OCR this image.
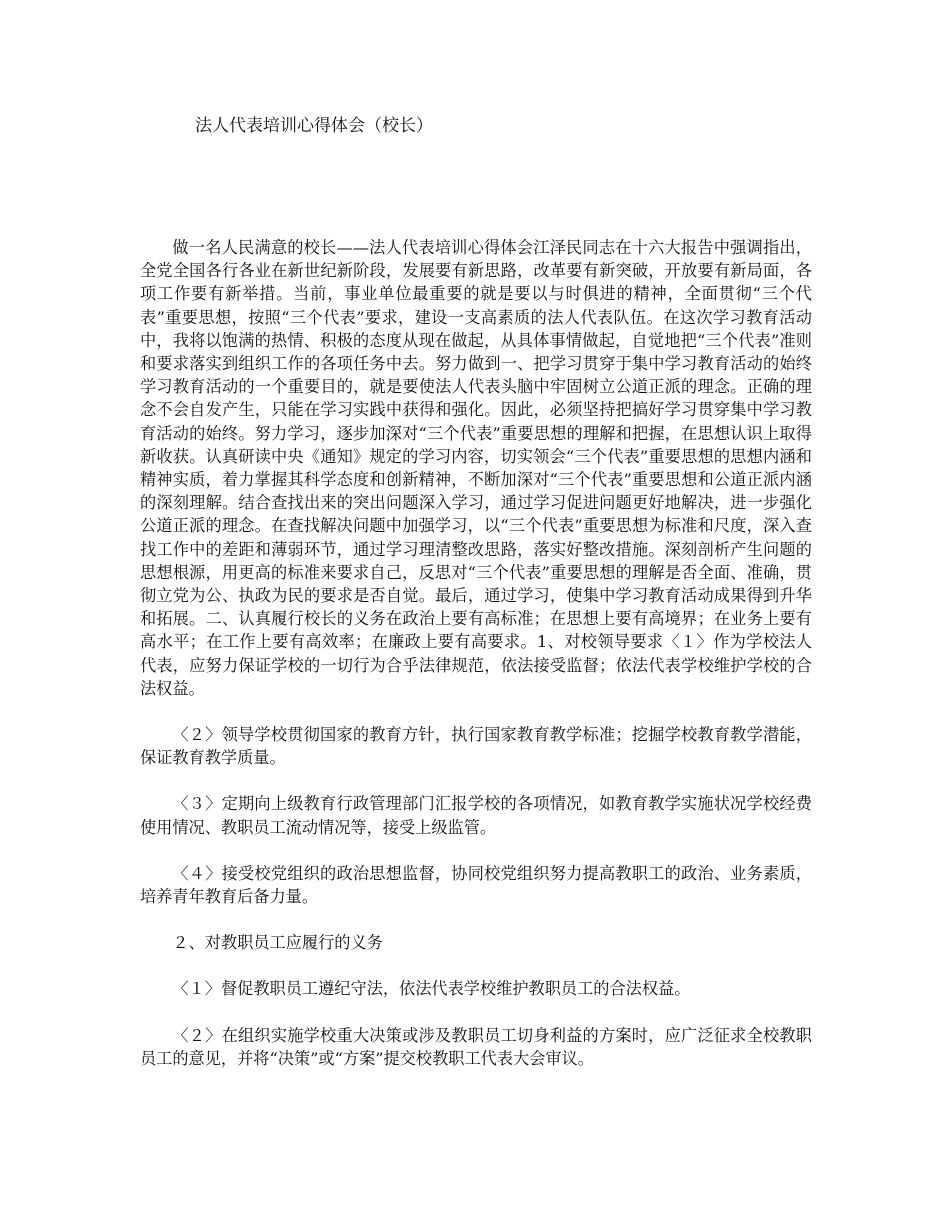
法人代表培训心得体会（校长）

做一名人民满意的校长——法人代表培训心得体会江泽民同志在十六大报告中强调指出，全党全国各行各业在新世纪新阶段，发展要有新思路，改革要有新突破，开放要有新局面，各项工作要有新举措。当前，事业单位最重要的就是要以与时俱进的精神，全面贯彻“三个代表”重要思想，按照“三个代表”要求，建设一支高素质的法人代表队伍。在这次学习教育活动中，我将以饱满的热情、积极的态度从现在做起，从具体事情做起，自觉地把“三个代表”准则和要求落实到组织工作的各项任务中去。努力做到一、把学习贯穿于集中学习教育活动的始终学习教育活动的一个重要目的，就是要使法人代表头脑中牢固树立公道正派的理念。正确的理念不会自发产生，只能在学习实践中获得和强化。因此，必须坚持把搞好学习贯穿集中学习教育活动的始终。努力学习，逐步加深对“三个代表”重要思想的理解和把握，在思想认识上取得新收获。认真研读中央《通知》规定的学习内容，切实领会“三个代表”重要思想的思想内涵和精神实质，着力掌握其科学态度和创新精神，不断加深对“三个代表”重要思想和公道正派内涵的深刻理解。结合查找出来的突出问题深入学习，通过学习促进问题更好地解决，进一步强化公道正派的理念。在查找解决问题中加强学习，以“三个代表”重要思想为标准和尺度，深入查找工作中的差距和薄弱环节，通过学习理清整改思路，落实好整改措施。深刻剖析产生问题的思想根源，用更高的标准来要求自己，反思对“三个代表”重要思想的理解是否全面、准确，贯彻立党为公、执政为民的要求是否自觉。最后，通过学习，使集中学习教育活动成果得到升华和拓展。二、认真履行校长的义务在政治上要有高标准；在思想上要有高境界；在业务上要有高水平；在工作上要有高效率；在廉政上要有高要求。1、对校领导要求〈１〉作为学校法人代表，应努力保证学校的一切行为合乎法律规范，依法接受监督；依法代表学校维护学校的合法权益。

〈２〉领导学校贯彻国家的教育方针，执行国家教育教学标准；挖掘学校教育教学潜能，保证教育教学质量。

〈３〉定期向上级教育行政管理部门汇报学校的各项情况，如教育教学实施状况学校经费使用情况、教职员工流动情况等，接受上级监管。

〈４〉接受校党组织的政治思想监督，协同校党组织努力提高教职工的政治、业务素质，培养青年教育后备力量。

２、对教职员工应履行的义务

〈１〉督促教职员工遵纪守法，依法代表学校维护教职员工的合法权益。

〈２〉在组织实施学校重大决策或涉及教职员工切身利益的方案时，应广泛征求全校教职员工的意见，并将“决策”或“方案”提交校教职工代表大会审议。
